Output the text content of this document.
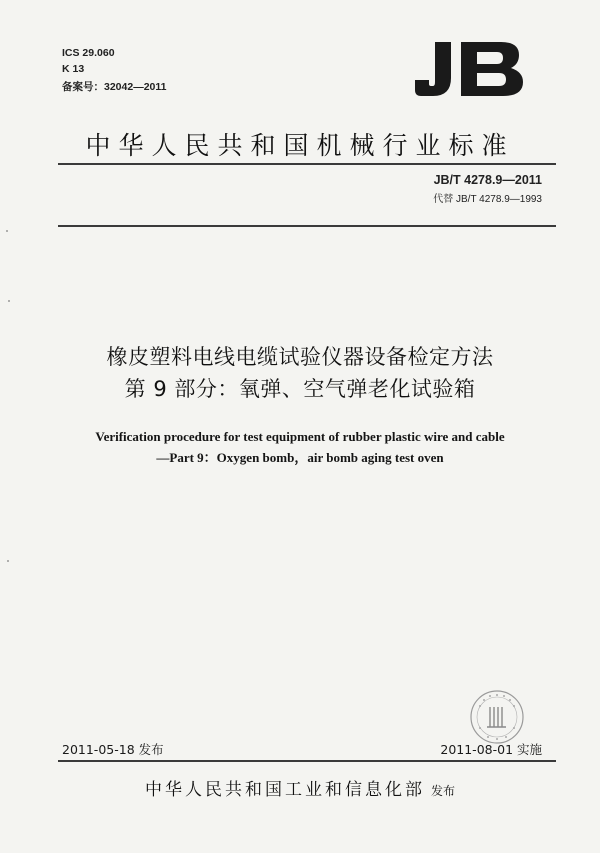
ICS 29.060
K 13
备案号：32042—2011
JB
中华人民共和国机械行业标准
JB/T 4278.9—2011
代替 JB/T 4278.9—1993
橡皮塑料电线电缆试验仪器设备检定方法
第 9 部分：氧弹、空气弹老化试验箱
Verification procedure for test equipment of rubber plastic wire and cable
—Part 9：Oxygen bomb，air bomb aging test oven
2011-05-18 发布	2011-08-01 实施
中华人民共和国工业和信息化部 发布
